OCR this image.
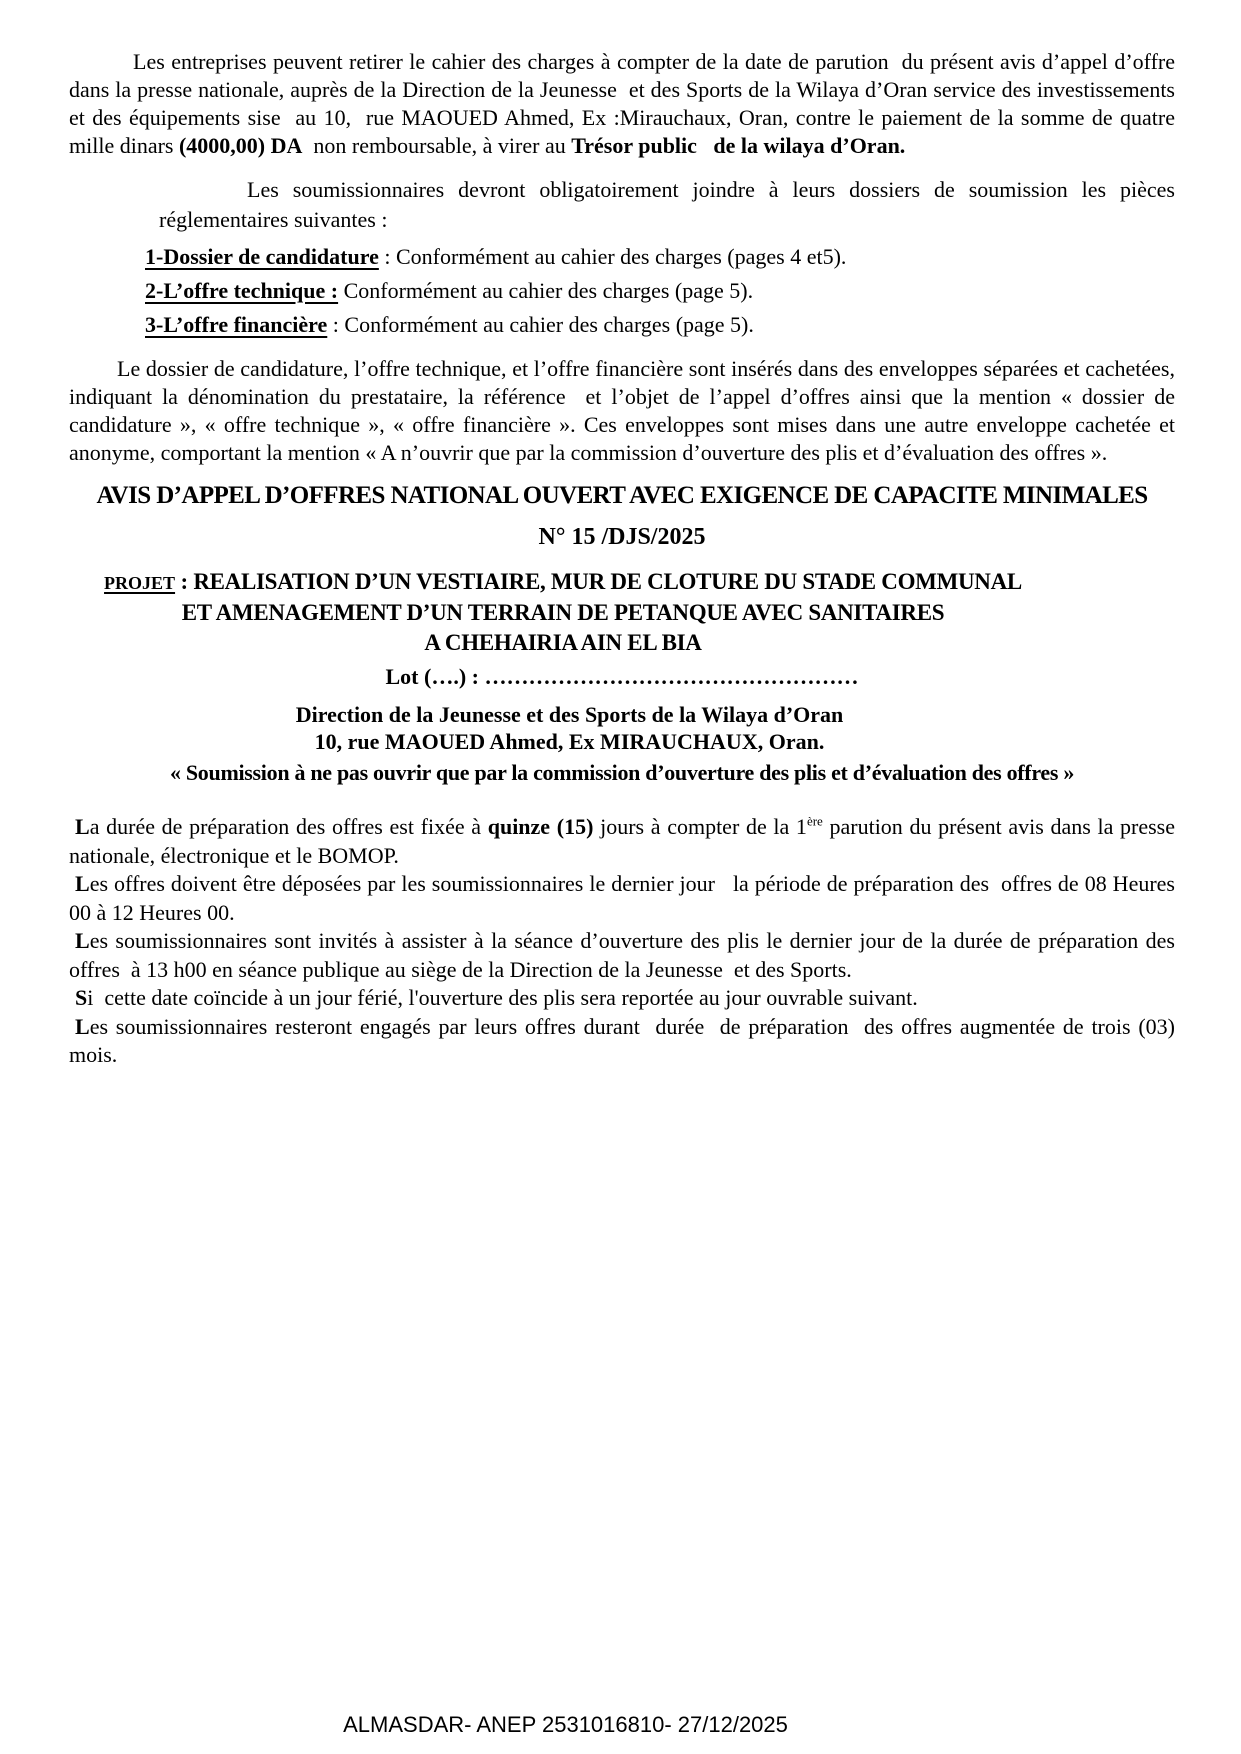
Les entreprises peuvent retirer le cahier des charges à compter de la date de parution  du présent avis d’appel d’offre dans la presse nationale, auprès de la Direction de la Jeunesse  et des Sports de la Wilaya d’Oran service des investissements  et des équipements sise  au 10,  rue MAOUED Ahmed, Ex :Mirauchaux, Oran, contre le paiement de la somme de quatre mille dinars (4000,00) DA  non remboursable, à virer au Trésor public   de la wilaya d’Oran.

Les soumissionnaires devront obligatoirement joindre à leurs dossiers de soumission les pièces réglementaires suivantes :

1-Dossier de candidature : Conformément au cahier des charges (pages 4 et5).

2-L’offre technique : Conformément au cahier des charges (page 5).

3-L’offre financière : Conformément au cahier des charges (page 5).

Le dossier de candidature, l’offre technique, et l’offre financière sont insérés dans des enveloppes séparées et cachetées, indiquant la dénomination du prestataire, la référence  et l’objet de l’appel d’offres ainsi que la mention « dossier de candidature », « offre technique », « offre financière ». Ces enveloppes sont mises dans une autre enveloppe cachetée et anonyme, comportant la mention « A n’ouvrir que par la commission d’ouverture des plis et d’évaluation des offres ».

AVIS D’APPEL D’OFFRES NATIONAL OUVERT AVEC EXIGENCE DE CAPACITE MINIMALES

N° 15 /DJS/2025

PROJET : REALISATION D’UN VESTIAIRE, MUR DE CLOTURE DU STADE COMMUNAL

ET AMENAGEMENT D’UN TERRAIN DE PETANQUE AVEC SANITAIRES

A CHEHAIRIA AIN EL BIA

Lot (….) : ……………………………………………

Direction de la Jeunesse et des Sports de la Wilaya d’Oran

10, rue MAOUED Ahmed, Ex MIRAUCHAUX, Oran.

« Soumission à ne pas ouvrir que par la commission d’ouverture des plis et d’évaluation des offres »

La durée de préparation des offres est fixée à quinze (15) jours à compter de la 1ère parution du présent avis dans la presse nationale, électronique et le BOMOP.

Les offres doivent être déposées par les soumissionnaires le dernier jour   la période de préparation des  offres de 08 Heures 00 à 12 Heures 00.

Les soumissionnaires sont invités à assister à la séance d’ouverture des plis le dernier jour de la durée de préparation des offres  à 13 h00 en séance publique au siège de la Direction de la Jeunesse  et des Sports.

Si  cette date coïncide à un jour férié, l'ouverture des plis sera reportée au jour ouvrable suivant.

Les soumissionnaires resteront engagés par leurs offres durant  durée  de préparation  des offres augmentée de trois (03) mois.

ALMASDAR- ANEP 2531016810- 27/12/2025
